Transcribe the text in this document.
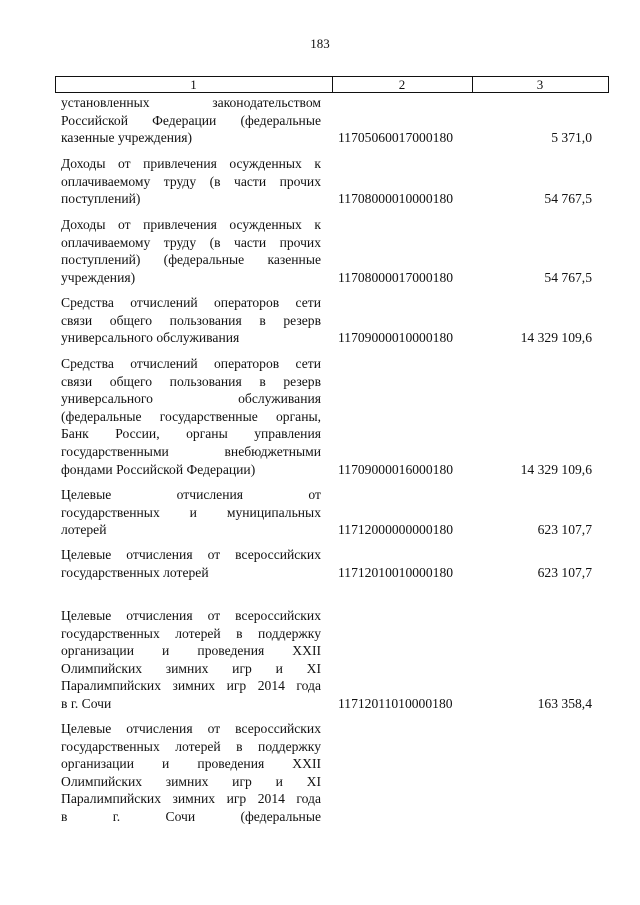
183
1	2	3
установленных законодательством
Российской Федерации (федеральные
казенные учреждения)	11705060017000180	5 371,0
Доходы от привлечения осужденных к
оплачиваемому труду (в части прочих
поступлений)	11708000010000180	54 767,5
Доходы от привлечения осужденных к
оплачиваемому труду (в части прочих
поступлений) (федеральные казенные
учреждения)	11708000017000180	54 767,5
Средства отчислений операторов сети
связи общего пользования в резерв
универсального обслуживания	11709000010000180	14 329 109,6
Средства отчислений операторов сети
связи общего пользования в резерв
универсального обслуживания
(федеральные государственные органы,
Банк России, органы управления
государственными внебюджетными
фондами Российской Федерации)	11709000016000180	14 329 109,6
Целевые отчисления от
государственных и муниципальных
лотерей	11712000000000180	623 107,7
Целевые отчисления от всероссийских
государственных лотерей	11712010010000180	623 107,7
Целевые отчисления от всероссийских
государственных лотерей в поддержку
организации и проведения XXII
Олимпийских зимних игр и XI
Паралимпийских зимних игр 2014 года
в г. Сочи	11712011010000180	163 358,4
Целевые отчисления от всероссийских
государственных лотерей в поддержку
организации и проведения XXII
Олимпийских зимних игр и XI
Паралимпийских зимних игр 2014 года
в г. Сочи (федеральные
